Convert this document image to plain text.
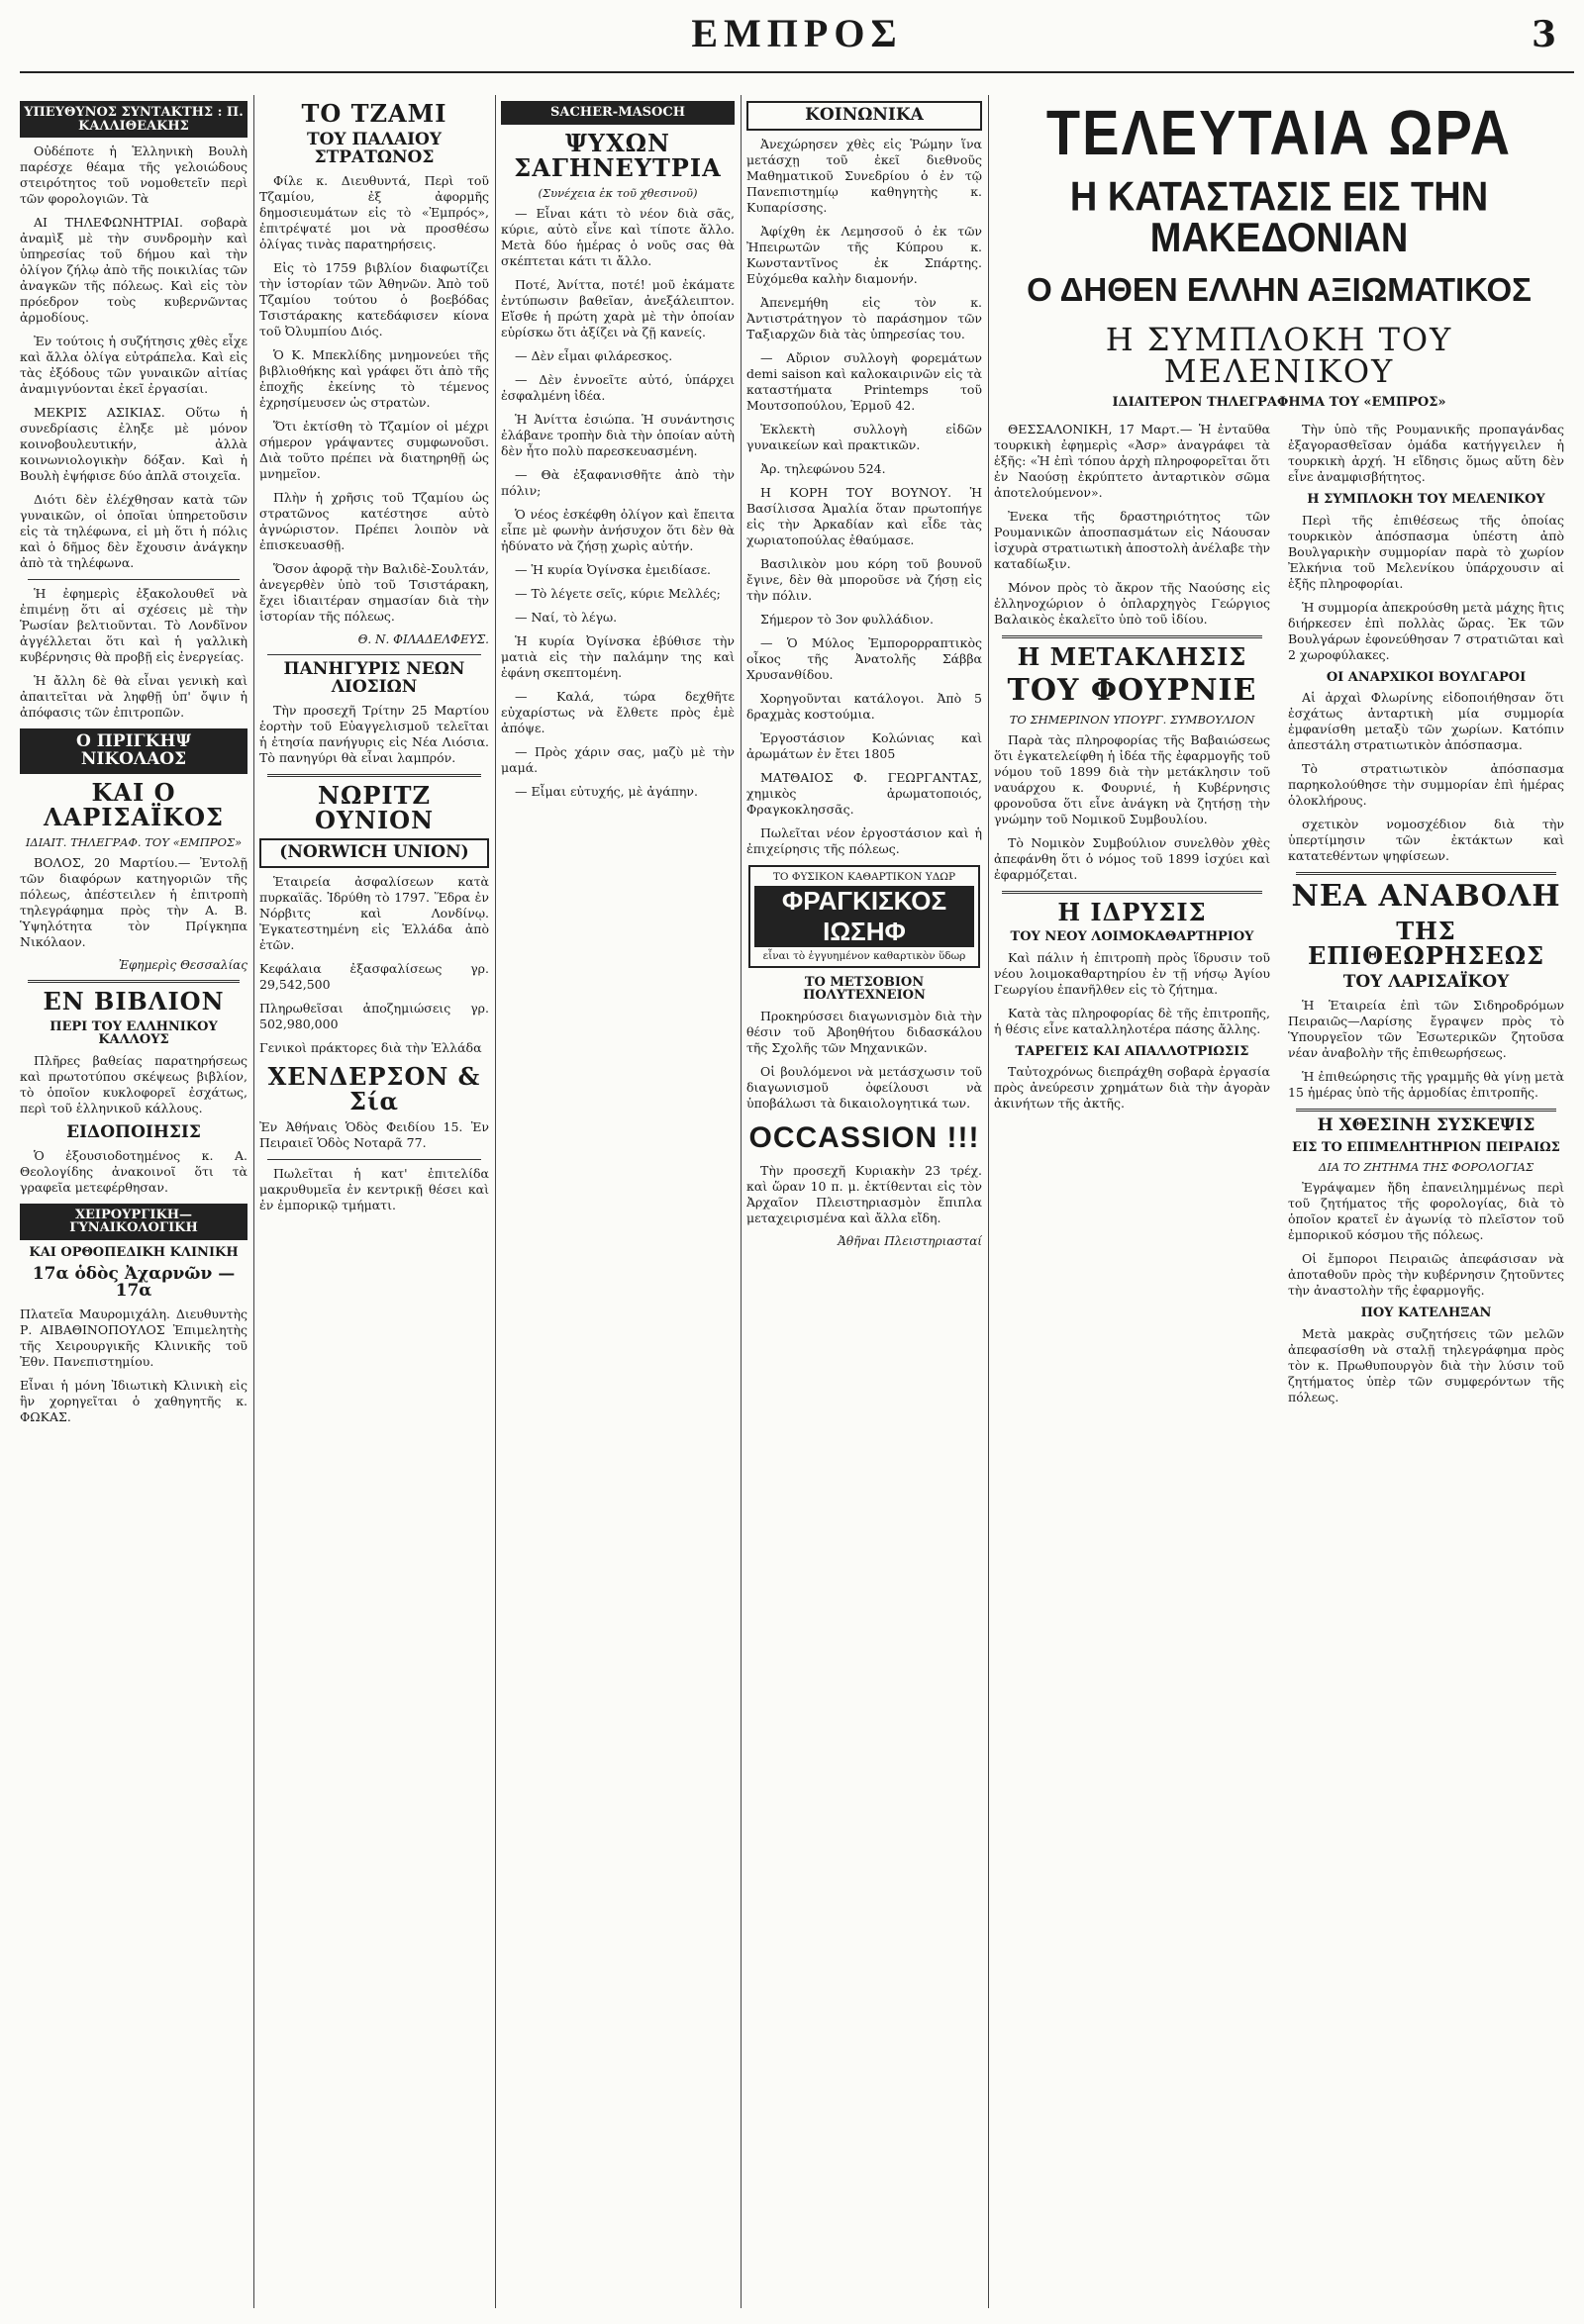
ΕΜΠΡΟΣ	3
ΥΠΕΥΘΥΝΟΣ ΣΥΝΤΑΚΤΗΣ : Π. ΚΑΛΛΙΘΕΑΚΗΣ

Οὐδέποτε ἡ Ἑλληνικὴ Βουλὴ παρέσχε θέαμα τῆς γελοιώδους στειρότητος τοῦ νομοθετεῖν περὶ τῶν φορολογιῶν. Τὰ

ΑΙ ΤΗΛΕΦΩΝΗΤΡΙΑΙ. σοβαρὰ ἀναμὶξ μὲ τὴν συνδρομὴν καὶ ὑπηρεσίας τοῦ δήμου καὶ τὴν ὀλίγον ζήλῳ ἀπὸ τῆς ποικιλίας τῶν ἀναγκῶν τῆς πόλεως. Καὶ εἰς τὸν πρόεδρον τοὺς κυβερνῶντας ἀρμοδίους.

Ἐν τούτοις ἡ συζήτησις χθὲς εἶχε καὶ ἄλλα ὀλίγα εὐτράπελα. Καὶ εἰς τὰς ἐξόδους τῶν γυναικῶν αἰτίας ἀναμιγνύονται ἐκεῖ ἐργασίαι.

ΜΕΚΡΙΣ ΑΣΙΚΙΑΣ. Οὕτω ἡ συνεδρίασις ἐληξε μὲ μόνον κοινοβουλευτικήν, ἀλλὰ κοινωνιολογικὴν δόξαν. Καὶ ἡ Βουλὴ ἐψήφισε δύο ἀπλᾶ στοιχεῖα.

Διότι δὲν ἐλέχθησαν κατὰ τῶν γυναικῶν, οἱ ὁποῖαι ὑπηρετοῦσιν εἰς τὰ τηλέφωνα, εἰ μὴ ὅτι ἡ πόλις καὶ ὁ δῆμος δὲν ἔχουσιν ἀνάγκην ἀπὸ τὰ τηλέφωνα.

Ἡ ἐφημερὶς ἐξακολουθεῖ νὰ ἐπιμένῃ ὅτι αἱ σχέσεις μὲ τὴν Ῥωσίαν βελτιοῦνται. Τὸ Λονδῖνον ἀγγέλλεται ὅτι καὶ ἡ γαλλικὴ κυβέρνησις θὰ προβῇ εἰς ἐνεργείας.

Ἡ ἄλλη δὲ θὰ εἶναι γενικὴ καὶ ἀπαιτεῖται νὰ ληφθῇ ὑπ' ὄψιν ἡ ἀπόφασις τῶν ἐπιτροπῶν.

Ο ΠΡΙΓΚΗΨ ΝΙΚΟΛΑΟΣ
ΚΑΙ Ο ΛΑΡΙΣΑΪΚΟΣ
ΙΔΙΑΙΤ. ΤΗΛΕΓΡΑΦ. ΤΟΥ «ΕΜΠΡΟΣ»

ΒΟΛΟΣ, 20 Μαρτίου.— Ἐντολῇ τῶν διαφόρων κατηγοριῶν τῆς πόλεως, ἀπέστειλεν ἡ ἐπιτροπὴ τηλεγράφημα πρὸς τὴν Α. Β. Ὑψηλότητα τὸν Πρίγκηπα Νικόλαον.

Ἐφημερὶς Θεσσαλίας
ΕΝ ΒΙΒΛΙΟΝ
ΠΕΡΙ ΤΟΥ ΕΛΛΗΝΙΚΟΥ ΚΑΛΛΟΥΣ

Πλῆρες βαθείας παρατηρήσεως καὶ πρωτοτύπου σκέψεως βιβλίον, τὸ ὁποῖον κυκλοφορεῖ ἐσχάτως, περὶ τοῦ ἑλληνικοῦ κάλλους.

ΕΙΔΟΠΟΙΗΣΙΣ

Ὁ ἐξουσιοδοτημένος κ. Α. Θεολογίδης ἀνακοινοῖ ὅτι τὰ γραφεῖα μετεφέρθησαν.

ΧΕΙΡΟΥΡΓΙΚΗ—ΓΥΝΑΙΚΟΛΟΓΙΚΗ
ΚΑΙ ΟΡΘΟΠΕΔΙΚΗ ΚΛΙΝΙΚΗ
17α ὁδὸς Ἀχαρνῶν —17α

Πλατεῖα Μαυρομιχάλη. Διευθυντὴς Ρ. ΑΙΒΑΘΙΝΟΠΟΥΛΟΣ Ἐπιμελητὴς τῆς Χειρουργικῆς Κλινικῆς τοῦ Ἐθν. Πανεπιστημίου.

Εἶναι ἡ μόνη Ἰδιωτικὴ Κλινικὴ εἰς ἣν χορηγεῖται ὁ χαθηγητῆς κ. ΦΩΚΑΣ.

ΤΟ ΤΖΑΜΙ
ΤΟΥ ΠΑΛΑΙΟΥ ΣΤΡΑΤΩΝΟΣ

Φίλε κ. Διευθυντά, Περὶ τοῦ Τζαμίου, ἐξ ἀφορμῆς δημοσιευμάτων εἰς τὸ «Ἐμπρός», ἐπιτρέψατέ μοι νὰ προσθέσω ὀλίγας τινὰς παρατηρήσεις.

Εἰς τὸ 1759 βιβλίον διαφωτίζει τὴν ἱστορίαν τῶν Ἀθηνῶν. Ἀπὸ τοῦ Τζαμίου τούτου ὁ βοεβόδας Τσιστάρακης κατεδάφισεν κίονα τοῦ Ὀλυμπίου Διός.

Ὁ Κ. Μπεκλίδης μνημονεύει τῆς βιβλιοθήκης καὶ γράφει ὅτι ἀπὸ τῆς ἐποχῆς ἐκείνης τὸ τέμενος ἐχρησίμευσεν ὡς στρατὼν.

Ὅτι ἐκτίσθη τὸ Τζαμίον οἱ μέχρι σήμερον γράψαντες συμφωνοῦσι. Διὰ τοῦτο πρέπει νὰ διατηρηθῇ ὡς μνημεῖον.

Πλὴν ἡ χρῆσις τοῦ Τζαμίου ὡς στρατῶνος κατέστησε αὐτὸ ἀγνώριστον. Πρέπει λοιπὸν νὰ ἐπισκευασθῇ.

Ὅσον ἀφορᾷ τὴν Βαλιδὲ-Σουλτάν, ἀνεγερθὲν ὑπὸ τοῦ Τσιστάρακη, ἔχει ἰδιαιτέραν σημασίαν διὰ τὴν ἱστορίαν τῆς πόλεως.

Θ. Ν. ΦΙΛΑΔΕΛΦΕΥΣ.
ΠΑΝΗΓΥΡΙΣ ΝΕΩΝ ΛΙΟΣΙΩΝ

Τὴν προσεχῆ Τρίτην 25 Μαρτίου ἑορτὴν τοῦ Εὐαγγελισμοῦ τελεῖται ἡ ἐτησία πανήγυρις εἰς Νέα Λιόσια. Τὸ πανηγύρι θὰ εἶναι λαμπρόν.

ΝΩΡΙΤΖ ΟΥΝΙΟΝ
(NORWICH UNION)

Ἑταιρεία ἀσφαλίσεων κατὰ πυρκαϊᾶς. Ἱδρύθη τὸ 1797. Ἕδρα ἐν Νόρβιτς καὶ Λονδίνῳ. Ἐγκατεστημένη εἰς Ἑλλάδα ἀπὸ ἐτῶν.

Κεφάλαια ἐξασφαλίσεως γρ. 29,542,500

Πληρωθεῖσαι ἀποζημιώσεις γρ. 502,980,000

Γενικοὶ πράκτορες διὰ τὴν Ἑλλάδα

ΧΕΝΔΕΡΣΟΝ & Σία

Ἐν Ἀθήναις Ὁδὸς Φειδίου 15. Ἐν Πειραιεῖ Ὁδὸς Νοταρᾶ 77.

Πωλεῖται ἡ κατ' ἐπιτελίδα μακρυθυμεῖα ἐν κεντρικῇ θέσει καὶ ἐν ἐμπορικῷ τμήματι.

SACHER-MASOCH
ΨΥΧΩΝ ΣΑΓΗΝΕΥΤΡΙΑ
(Συνέχεια ἐκ τοῦ χθεσινοῦ)

— Εἶναι κάτι τὸ νέον διὰ σᾶς, κύριε, αὐτὸ εἶνε καὶ τίποτε ἄλλο. Μετὰ δύο ἡμέρας ὁ νοῦς σας θὰ σκέπτεται κάτι τι ἄλλο.

Ποτέ, Ἀνίττα, ποτέ! μοῦ ἐκάματε ἐντύπωσιν βαθεῖαν, ἀνεξάλειπτον. Εἴσθε ἡ πρώτη χαρὰ μὲ τὴν ὁποίαν εὑρίσκω ὅτι ἀξίζει νὰ ζῇ κανείς.

— Δὲν εἶμαι φιλάρεσκος.

— Δὲν ἐννοεῖτε αὐτό, ὑπάρχει ἐσφαλμένη ἰδέα.

Ἡ Ἀνίττα ἐσιώπα. Ἡ συνάντησις ἐλάβανε τροπὴν διὰ τὴν ὁποίαν αὐτὴ δὲν ἦτο πολὺ παρεσκευασμένη.

— Θὰ ἐξαφανισθῆτε ἀπὸ τὴν πόλιν;

Ὁ νέος ἐσκέφθη ὀλίγον καὶ ἔπειτα εἶπε μὲ φωνὴν ἀνήσυχον ὅτι δὲν θὰ ἠδύνατο νὰ ζήσῃ χωρὶς αὐτήν.

— Ἡ κυρία Ὀγίνσκα ἐμειδίασε.

— Τὸ λέγετε σεῖς, κύριε Μελλές;

— Ναί, τὸ λέγω.

Ἡ κυρία Ὀγίνσκα ἐβύθισε τὴν ματιὰ εἰς τὴν παλάμην της καὶ ἐφάνη σκεπτομένη.

— Καλά, τώρα δεχθῆτε εὐχαρίστως νὰ ἔλθετε πρὸς ἐμὲ ἀπόψε.

— Πρὸς χάριν σας, μαζὺ μὲ τὴν μαμά.

— Εἶμαι εὐτυχής, μὲ ἀγάπην.

ΚΟΙΝΩΝΙΚΑ

Ἀνεχώρησεν χθὲς εἰς Ῥώμην ἵνα μετάσχῃ τοῦ ἐκεῖ διεθνοῦς Μαθηματικοῦ Συνεδρίου ὁ ἐν τῷ Πανεπιστημίῳ καθηγητὴς κ. Κυπαρίσσης.

Ἀφίχθη ἐκ Λεμησσοῦ ὁ ἐκ τῶν Ἠπειρωτῶν τῆς Κύπρου κ. Κωνσταντῖνος ἐκ Σπάρτης. Εὐχόμεθα καλὴν διαμονήν.

Ἀπενεμήθη εἰς τὸν κ. Ἀντιστράτηγον τὸ παράσημον τῶν Ταξιαρχῶν διὰ τὰς ὑπηρεσίας του.

— Αὔριον συλλογὴ φορεμάτων demi saison καὶ καλοκαιρινῶν εἰς τὰ καταστήματα Printemps τοῦ Μουτσοπούλου, Ἑρμοῦ 42.

Ἐκλεκτὴ συλλογὴ εἰδῶν γυναικείων καὶ πρακτικῶν.

Ἀρ. τηλεφώνου 524.

Η ΚΟΡΗ ΤΟΥ ΒΟΥΝΟΥ. Ἡ Βασίλισσα Ἀμαλία ὅταν πρωτοπήγε εἰς τὴν Ἀρκαδίαν καὶ εἶδε τὰς χωριατοπούλας ἐθαύμασε.

Βασιλικὸν μου κόρη τοῦ βουνοῦ ἔγινε, δὲν θὰ μποροῦσε νὰ ζήσῃ εἰς τὴν πόλιν.

Σήμερον τὸ 3ον φυλλάδιον.

— Ὁ Μύλος Ἐμπορορραπτικὸς οἶκος τῆς Ἀνατολῆς Σάββα Χρυσανθίδου.

Χορηγοῦνται κατάλογοι. Ἀπὸ 5 δραχμὰς κοστούμια.

Ἐργοστάσιον Κολώνιας καὶ ἀρωμάτων ἐν ἔτει 1805

ΜΑΤΘΑΙΟΣ Φ. ΓΕΩΡΓΑΝΤΑΣ, χημικὸς ἀρωματοποιός, Φραγκοκλησσᾶς.

Πωλεῖται νέον ἐργοστάσιον καὶ ἡ ἐπιχείρησις τῆς πόλεως.

ΤΟ ΦΥΣΙΚΟΝ ΚΑΘΑΡΤΙΚΟΝ ΥΔΩΡ
ΦΡΑΓΚΙΣΚΟΣ ΙΩΣΗΦ
εἶναι τὸ ἐγγυημένον καθαρτικὸν ὕδωρ
ΤΟ ΜΕΤΣΟΒΙΟΝ ΠΟΛΥΤΕΧΝΕΙΟΝ

Προκηρύσσει διαγωνισμὸν διὰ τὴν θέσιν τοῦ Ἀβοηθήτου διδασκάλου τῆς Σχολῆς τῶν Μηχανικῶν.

Οἱ βουλόμενοι νὰ μετάσχωσιν τοῦ διαγωνισμοῦ ὀφείλουσι νὰ ὑποβάλωσι τὰ δικαιολογητικά των.

OCCASSION !!!

Τὴν προσεχῆ Κυριακὴν 23 τρέχ. καὶ ὥραν 10 π. μ. ἐκτίθενται εἰς τὸν Ἀρχαῖον Πλειστηριασμὸν ἔπιπλα μεταχειρισμένα καὶ ἄλλα εἴδη.

Ἀθῆναι Πλειστηριασταί
ΤΕΛΕΥΤΑΙΑ ΩΡΑ
Η ΚΑΤΑΣΤΑΣΙΣ ΕΙΣ ΤΗΝ ΜΑΚΕΔΟΝΙΑΝ
Ο ΔΗΘΕΝ ΕΛΛΗΝ ΑΞΙΩΜΑΤΙΚΟΣ
Η ΣΥΜΠΛΟΚΗ ΤΟΥ ΜΕΛΕΝΙΚΟΥ
ΙΔΙΑΙΤΕΡΟΝ ΤΗΛΕΓΡΑΦΗΜΑ ΤΟΥ «ΕΜΠΡΟΣ»

ΘΕΣΣΑΛΟΝΙΚΗ, 17 Μαρτ.— Ἡ ἐνταῦθα τουρκικὴ ἐφημερὶς «Ἀσρ» ἀναγράφει τὰ ἑξῆς: «Ἡ ἐπὶ τόπου ἀρχὴ πληροφορεῖται ὅτι ἐν Ναούσῃ ἐκρύπτετο ἀνταρτικὸν σῶμα ἀποτελούμενον».

Ἐνεκα τῆς δραστηριότητος τῶν Ρουμανικῶν ἀποσπασμάτων εἰς Νάουσαν ἰσχυρὰ στρατιωτικὴ ἀποστολὴ ἀνέλαβε τὴν καταδίωξιν.

Μόνον πρὸς τὸ ἄκρον τῆς Ναούσης εἰς ἑλληνοχώριον ὁ ὁπλαρχηγὸς Γεώργιος Βαλαικὸς ἐκαλεῖτο ὑπὸ τοῦ ἰδίου.

Η ΜΕΤΑΚΛΗΣΙΣ
ΤΟΥ ΦΟΥΡΝΙΕ
ΤΟ ΣΗΜΕΡΙΝΟΝ ΥΠΟΥΡΓ. ΣΥΜΒΟΥΛΙΟΝ

Παρὰ τὰς πληροφορίας τῆς Βαβαιώσεως ὅτι ἐγκατελείφθη ἡ ἰδέα τῆς ἐφαρμογῆς τοῦ νόμου τοῦ 1899 διὰ τὴν μετάκλησιν τοῦ ναυάρχου κ. Φουρνιέ, ἡ Κυβέρνησις φρονοῦσα ὅτι εἶνε ἀνάγκη νὰ ζητήσῃ τὴν γνώμην τοῦ Νομικοῦ Συμβουλίου.

Τὸ Νομικὸν Συμβούλιον συνελθὸν χθὲς ἀπεφάνθη ὅτι ὁ νόμος τοῦ 1899 ἰσχύει καὶ ἐφαρμόζεται.

Η ΙΔΡΥΣΙΣ
ΤΟΥ ΝΕΟΥ ΛΟΙΜΟΚΑΘΑΡΤΗΡΙΟΥ

Καὶ πάλιν ἡ ἐπιτροπὴ πρὸς ἵδρυσιν τοῦ νέου λοιμοκαθαρτηρίου ἐν τῇ νήσῳ Ἁγίου Γεωργίου ἐπανῆλθεν εἰς τὸ ζήτημα.

Κατὰ τὰς πληροφορίας δὲ τῆς ἐπιτροπῆς, ἡ θέσις εἶνε καταλληλοτέρα πάσης ἄλλης.

ΤΑΡΕΓΕΙΣ ΚΑΙ ΑΠΑΛΛΟΤΡΙΩΣΙΣ

Ταὐτοχρόνως διεπράχθη σοβαρὰ ἐργασία πρὸς ἀνεύρεσιν χρημάτων διὰ τὴν ἀγορὰν ἀκινήτων τῆς ἀκτῆς.

Τὴν ὑπὸ τῆς Ρουμανικῆς προπαγάνδας ἐξαγορασθεῖσαν ὁμάδα κατήγγειλεν ἡ τουρκικὴ ἀρχή. Ἡ εἴδησις ὅμως αὕτη δὲν εἶνε ἀναμφισβήτητος.

Η ΣΥΜΠΛΟΚΗ ΤΟΥ ΜΕΛΕΝΙΚΟΥ

Περὶ τῆς ἐπιθέσεως τῆς ὁποίας τουρκικὸν ἀπόσπασμα ὑπέστη ἀπὸ Βουλγαρικὴν συμμορίαν παρὰ τὸ χωρίον Ἐλκήνια τοῦ Μελενίκου ὑπάρχουσιν αἱ ἑξῆς πληροφορίαι.

Ἡ συμμορία ἀπεκρούσθη μετὰ μάχης ἣτις διήρκεσεν ἐπὶ πολλὰς ὥρας. Ἐκ τῶν Βουλγάρων ἐφονεύθησαν 7 στρατιῶται καὶ 2 χωροφύλακες.

ΟΙ ΑΝΑΡΧΙΚΟΙ ΒΟΥΛΓΑΡΟΙ

Αἱ ἀρχαὶ Φλωρίνης εἰδοποιήθησαν ὅτι ἐσχάτως ἀνταρτικὴ μία συμμορία ἐμφανίσθη μεταξὺ τῶν χωρίων. Κατόπιν ἀπεστάλη στρατιωτικὸν ἀπόσπασμα.

Τὸ στρατιωτικὸν ἀπόσπασμα παρηκολούθησε τὴν συμμορίαν ἐπὶ ἡμέρας ὁλοκλήρους.

σχετικὸν νομοσχέδιον διὰ τὴν ὑπερτίμησιν τῶν ἐκτάκτων καὶ κατατεθέντων ψηφίσεων.

ΝΕΑ ΑΝΑΒΟΛΗ
ΤΗΣ ΕΠΙΘΕΩΡΗΣΕΩΣ
ΤΟΥ ΛΑΡΙΣΑΪΚΟΥ

Ἡ Ἑταιρεία ἐπὶ τῶν Σιδηροδρόμων Πειραιῶς—Λαρίσης ἔγραψεν πρὸς τὸ Ὑπουργεῖον τῶν Ἐσωτερικῶν ζητοῦσα νέαν ἀναβολὴν τῆς ἐπιθεωρήσεως.

Ἡ ἐπιθεώρησις τῆς γραμμῆς θὰ γίνῃ μετὰ 15 ἡμέρας ὑπὸ τῆς ἁρμοδίας ἐπιτροπῆς.

Η ΧΘΕΣΙΝΗ ΣΥΣΚΕΨΙΣ
ΕΙΣ ΤΟ ΕΠΙΜΕΛΗΤΗΡΙΟΝ ΠΕΙΡΑΙΩΣ
ΔΙΑ ΤΟ ΖΗΤΗΜΑ ΤΗΣ ΦΟΡΟΛΟΓΙΑΣ

Ἐγράψαμεν ἤδη ἐπανειλημμένως περὶ τοῦ ζητήματος τῆς φορολογίας, διὰ τὸ ὁποῖον κρατεῖ ἐν ἀγωνίᾳ τὸ πλεῖστον τοῦ ἐμπορικοῦ κόσμου τῆς πόλεως.

Οἱ ἔμποροι Πειραιῶς ἀπεφάσισαν νὰ ἀποταθοῦν πρὸς τὴν κυβέρνησιν ζητοῦντες τὴν ἀναστολὴν τῆς ἐφαρμογῆς.

ΠΟΥ ΚΑΤΕΛΗΞΑΝ

Μετὰ μακρὰς συζητήσεις τῶν μελῶν ἀπεφασίσθη νὰ σταλῇ τηλεγράφημα πρὸς τὸν κ. Πρωθυπουργὸν διὰ τὴν λύσιν τοῦ ζητήματος ὑπὲρ τῶν συμφερόντων τῆς πόλεως.
